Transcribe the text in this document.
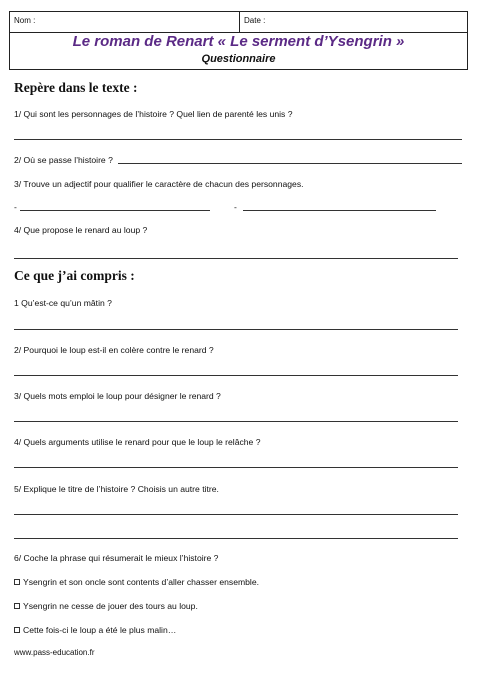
Nom :	Date :
Le roman de Renart « Le serment d’Ysengrin »
Questionnaire
Repère dans le texte :
1/ Qui sont les personnages de l’histoire ? Quel lien de parenté les unis ?
2/ Où se passe l’histoire ?
3/ Trouve un adjectif pour qualifier le caractère de chacun des personnages.
-	-
4/ Que propose le renard au loup ?
Ce que j’ai compris :
1 Qu’est-ce qu’un mâtin ?
2/ Pourquoi le loup est-il en colère contre le renard ?
3/ Quels mots emploi le loup pour désigner le renard ?
4/ Quels arguments utilise le renard pour que le loup le relâche ?
5/ Explique le titre de l’histoire ? Choisis un autre titre.
6/ Coche la phrase qui résumerait le mieux l’histoire ?
Ysengrin et son oncle sont contents d’aller chasser ensemble.
Ysengrin ne cesse de jouer des tours au loup.
Cette fois-ci le loup a été le plus malin…
www.pass-education.fr
